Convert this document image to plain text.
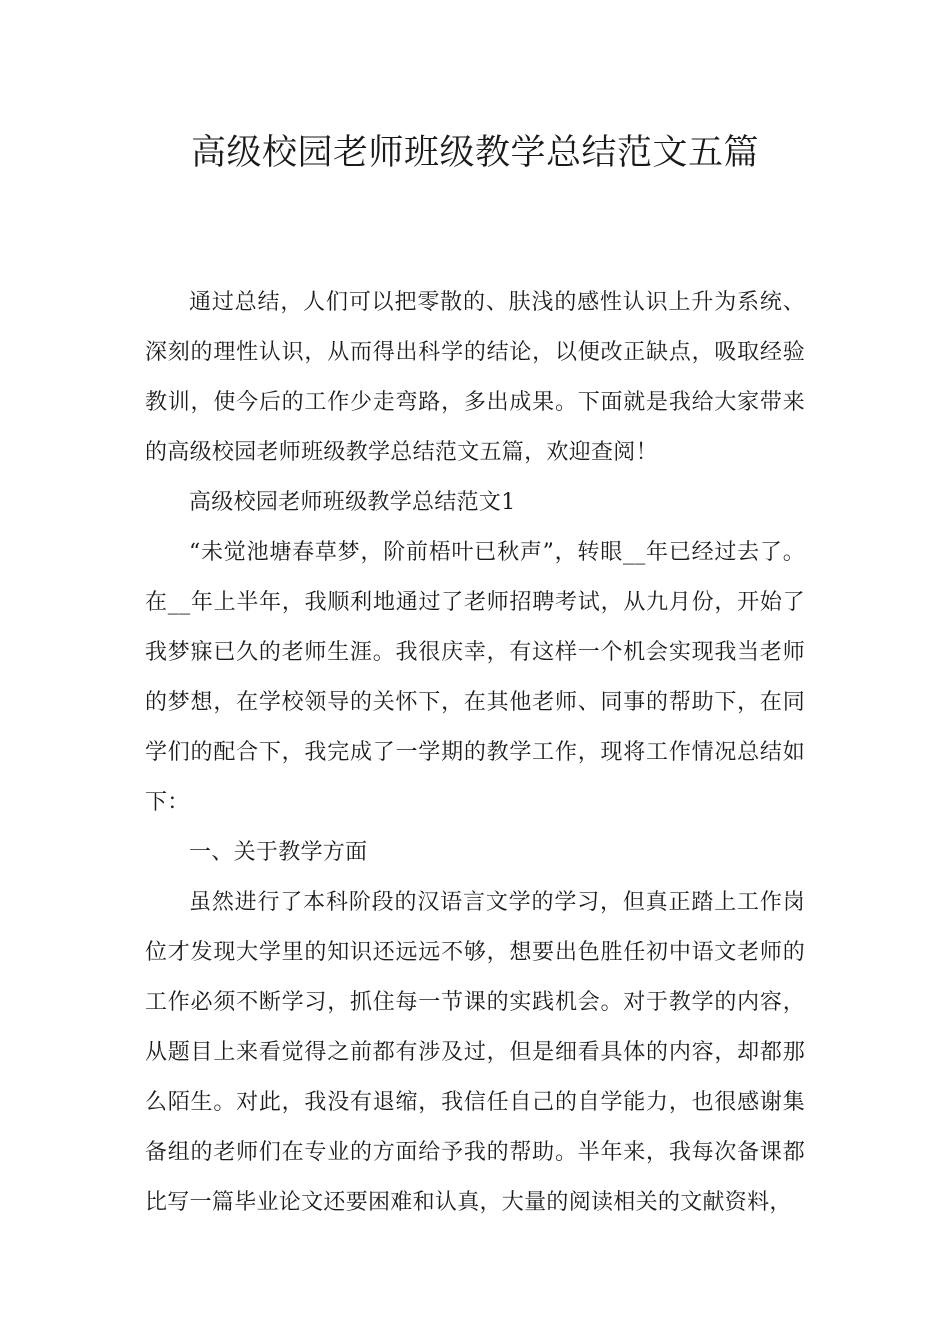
高级校园老师班级教学总结范文五篇

通过总结，人们可以把零散的、肤浅的感性认识上升为系统、深刻的理性认识，从而得出科学的结论，以便改正缺点，吸取经验教训，使今后的工作少走弯路，多出成果。下面就是我给大家带来的高级校园老师班级教学总结范文五篇，欢迎查阅！

高级校园老师班级教学总结范文1

“未觉池塘春草梦，阶前梧叶已秋声”，转眼__年已经过去了。在__年上半年，我顺利地通过了老师招聘考试，从九月份，开始了我梦寐已久的老师生涯。我很庆幸，有这样一个机会实现我当老师的梦想，在学校领导的关怀下，在其他老师、同事的帮助下，在同学们的配合下，我完成了一学期的教学工作，现将工作情况总结如下：

一、关于教学方面

虽然进行了本科阶段的汉语言文学的学习，但真正踏上工作岗位才发现大学里的知识还远远不够，想要出色胜任初中语文老师的工作必须不断学习，抓住每一节课的实践机会。对于教学的内容，从题目上来看觉得之前都有涉及过，但是细看具体的内容，却都那么陌生。对此，我没有退缩，我信任自己的自学能力，也很感谢集备组的老师们在专业的方面给予我的帮助。半年来，我每次备课都比写一篇毕业论文还要困难和认真，大量的阅读相关的文献资料，
